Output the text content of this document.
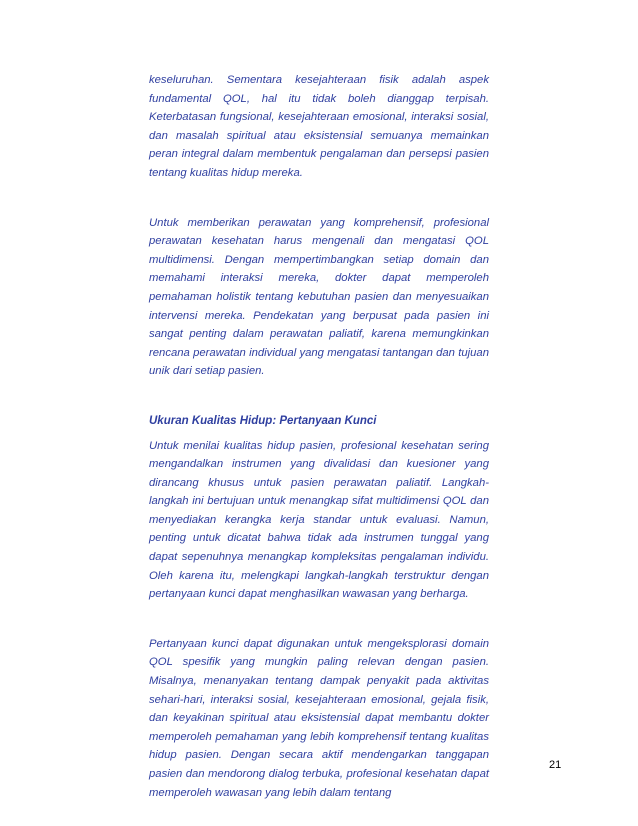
keseluruhan. Sementara kesejahteraan fisik adalah aspek fundamental QOL, hal itu tidak boleh dianggap terpisah. Keterbatasan fungsional, kesejahteraan emosional, interaksi sosial, dan masalah spiritual atau eksistensial semuanya memainkan peran integral dalam membentuk pengalaman dan persepsi pasien tentang kualitas hidup mereka.

Untuk memberikan perawatan yang komprehensif, profesional perawatan kesehatan harus mengenali dan mengatasi QOL multidimensi. Dengan mempertimbangkan setiap domain dan memahami interaksi mereka, dokter dapat memperoleh pemahaman holistik tentang kebutuhan pasien dan menyesuaikan intervensi mereka. Pendekatan yang berpusat pada pasien ini sangat penting dalam perawatan paliatif, karena memungkinkan rencana perawatan individual yang mengatasi tantangan dan tujuan unik dari setiap pasien.

Ukuran Kualitas Hidup: Pertanyaan Kunci

Untuk menilai kualitas hidup pasien, profesional kesehatan sering mengandalkan instrumen yang divalidasi dan kuesioner yang dirancang khusus untuk pasien perawatan paliatif. Langkah-langkah ini bertujuan untuk menangkap sifat multidimensi QOL dan menyediakan kerangka kerja standar untuk evaluasi. Namun, penting untuk dicatat bahwa tidak ada instrumen tunggal yang dapat sepenuhnya menangkap kompleksitas pengalaman individu. Oleh karena itu, melengkapi langkah-langkah terstruktur dengan pertanyaan kunci dapat menghasilkan wawasan yang berharga.

Pertanyaan kunci dapat digunakan untuk mengeksplorasi domain QOL spesifik yang mungkin paling relevan dengan pasien. Misalnya, menanyakan tentang dampak penyakit pada aktivitas sehari-hari, interaksi sosial, kesejahteraan emosional, gejala fisik, dan keyakinan spiritual atau eksistensial dapat membantu dokter memperoleh pemahaman yang lebih komprehensif tentang kualitas hidup pasien. Dengan secara aktif mendengarkan tanggapan pasien dan mendorong dialog terbuka, profesional kesehatan dapat memperoleh wawasan yang lebih dalam tentang

21
